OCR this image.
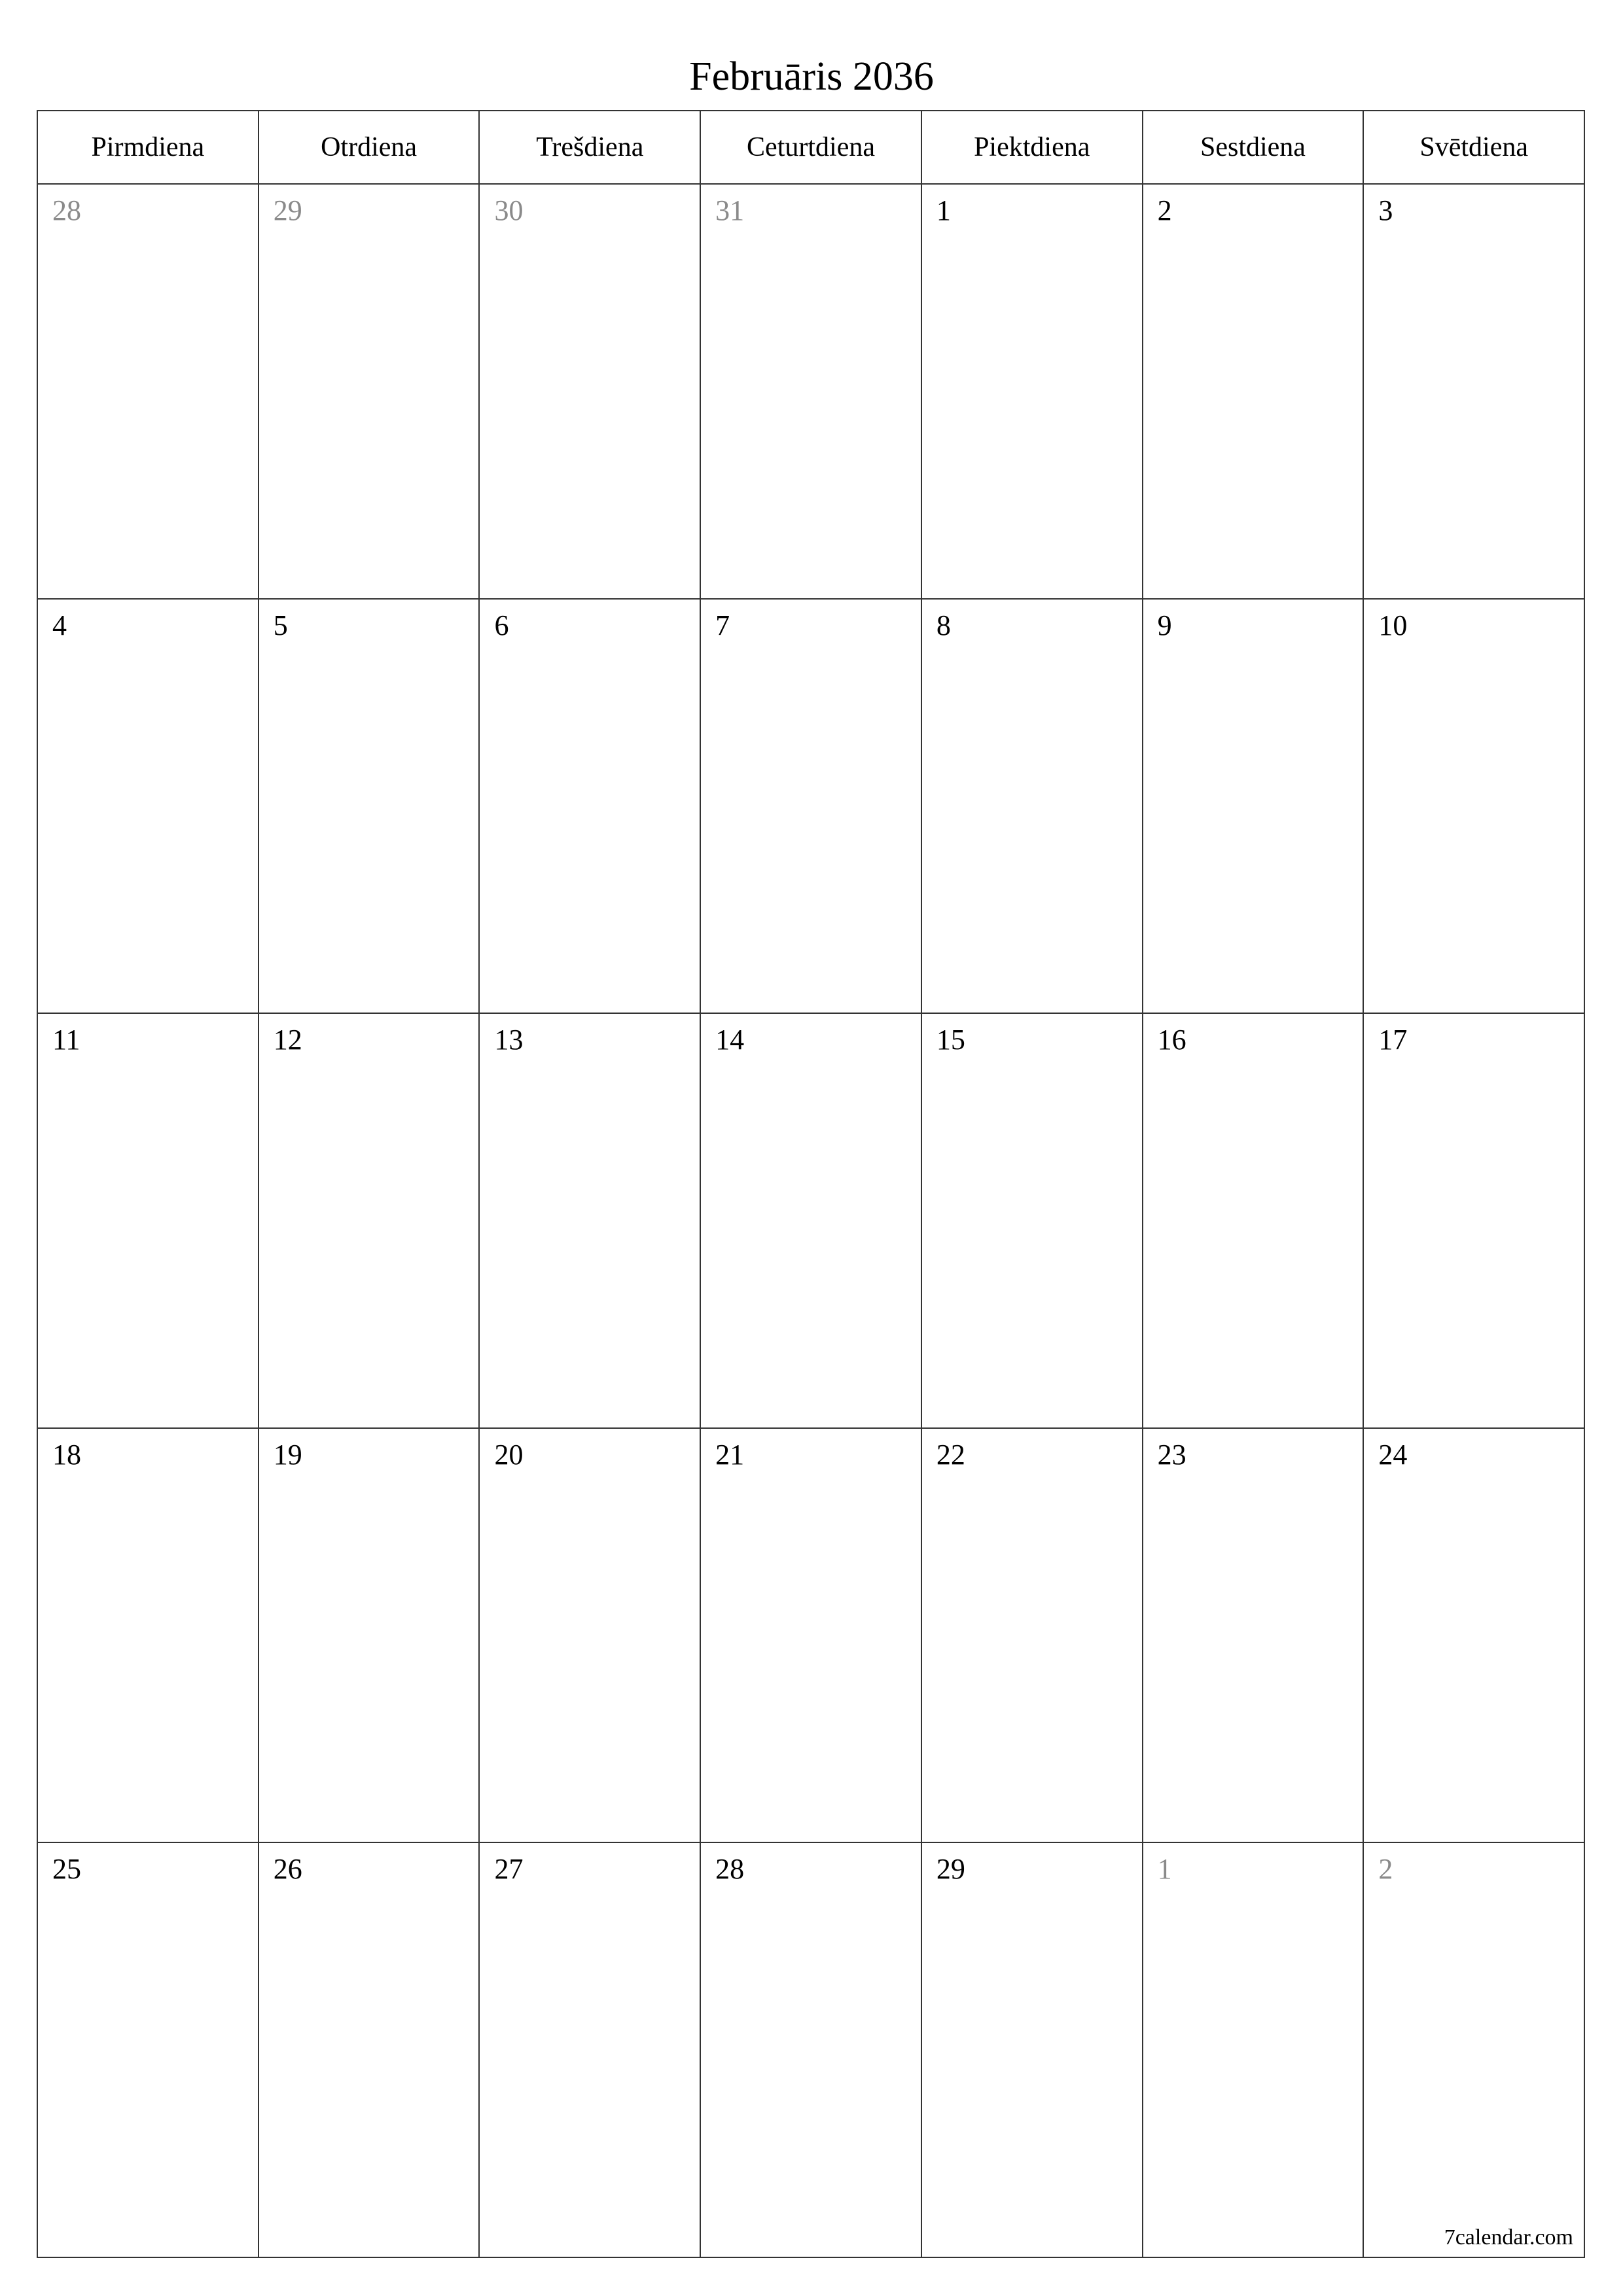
Februāris 2036
Pirmdiena	Otrdiena	Trešdiena	Ceturtdiena	Piektdiena	Sestdiena	Svētdiena
28	29	30	31	1	2	3
4	5	6	7	8	9	10
11	12	13	14	15	16	17
18	19	20	21	22	23	24
25	26	27	28	29	1	2
7calendar.com
